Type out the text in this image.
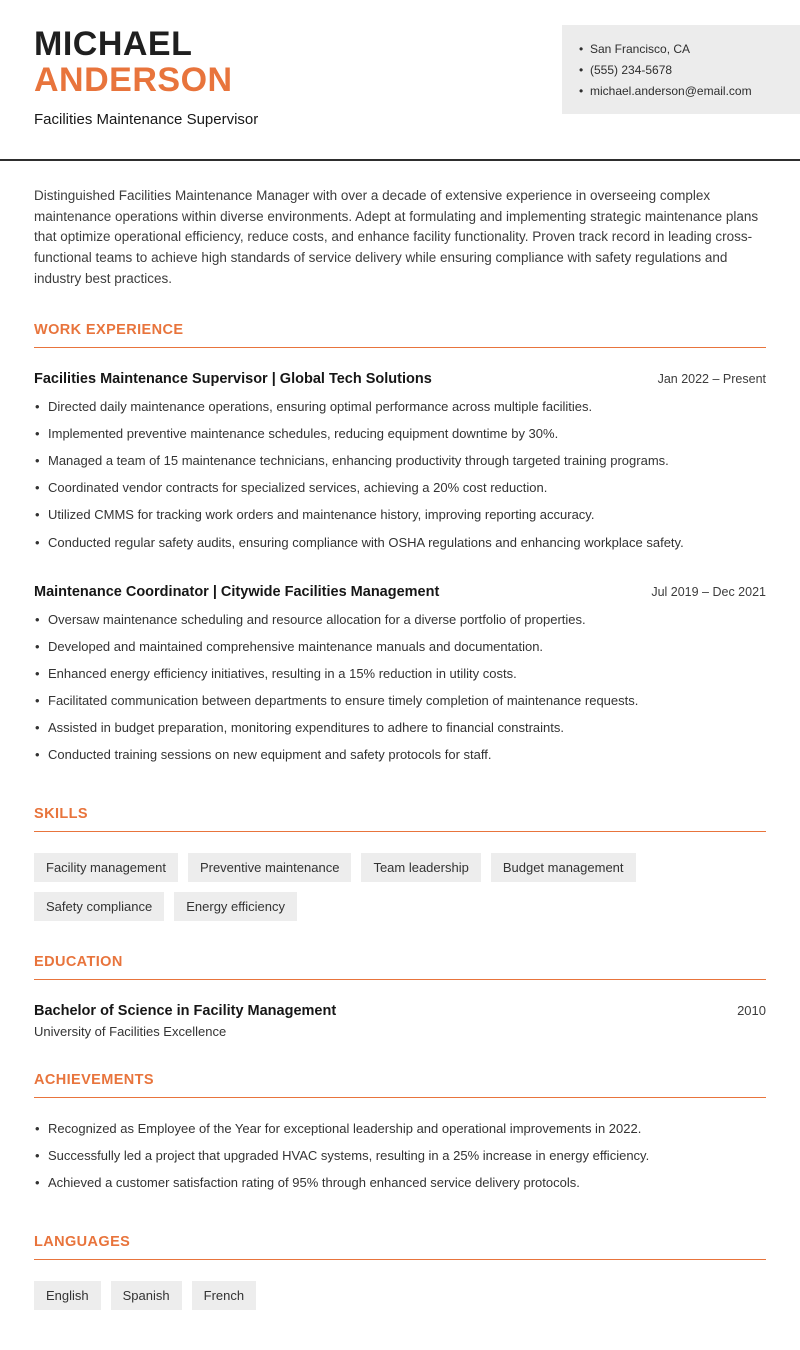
MICHAEL
ANDERSON
Facilities Maintenance Supervisor
• San Francisco, CA
• (555) 234-5678
• michael.anderson@email.com

Distinguished Facilities Maintenance Manager with over a decade of extensive experience in overseeing complex maintenance operations within diverse environments. Adept at formulating and implementing strategic maintenance plans that optimize operational efficiency, reduce costs, and enhance facility functionality. Proven track record in leading cross-functional teams to achieve high standards of service delivery while ensuring compliance with safety regulations and industry best practices.

WORK EXPERIENCE
Facilities Maintenance Supervisor | Global Tech Solutions	Jan 2022 – Present
• Directed daily maintenance operations, ensuring optimal performance across multiple facilities.
• Implemented preventive maintenance schedules, reducing equipment downtime by 30%.
• Managed a team of 15 maintenance technicians, enhancing productivity through targeted training programs.
• Coordinated vendor contracts for specialized services, achieving a 20% cost reduction.
• Utilized CMMS for tracking work orders and maintenance history, improving reporting accuracy.
• Conducted regular safety audits, ensuring compliance with OSHA regulations and enhancing workplace safety.
Maintenance Coordinator | Citywide Facilities Management	Jul 2019 – Dec 2021
• Oversaw maintenance scheduling and resource allocation for a diverse portfolio of properties.
• Developed and maintained comprehensive maintenance manuals and documentation.
• Enhanced energy efficiency initiatives, resulting in a 15% reduction in utility costs.
• Facilitated communication between departments to ensure timely completion of maintenance requests.
• Assisted in budget preparation, monitoring expenditures to adhere to financial constraints.
• Conducted training sessions on new equipment and safety protocols for staff.
SKILLS
Facility management	Preventive maintenance	Team leadership	Budget management
Safety compliance	Energy efficiency
EDUCATION
Bachelor of Science in Facility Management	2010
University of Facilities Excellence
ACHIEVEMENTS
• Recognized as Employee of the Year for exceptional leadership and operational improvements in 2022.
• Successfully led a project that upgraded HVAC systems, resulting in a 25% increase in energy efficiency.
• Achieved a customer satisfaction rating of 95% through enhanced service delivery protocols.
LANGUAGES
English	Spanish	French
